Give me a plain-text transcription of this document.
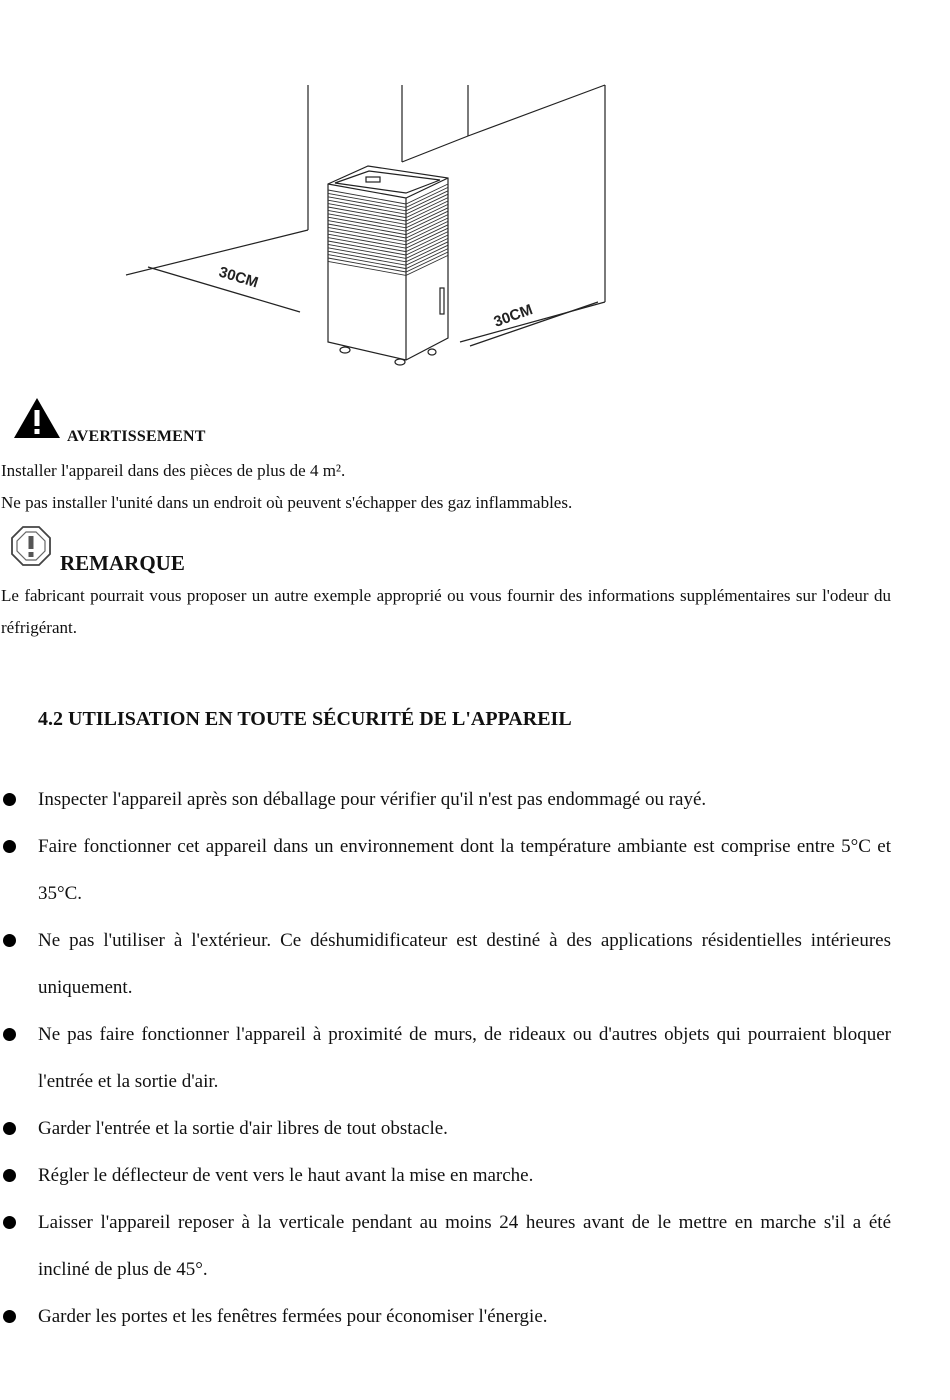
30CM
30CM
AVERTISSEMENT
Installer l'appareil dans des pièces de plus de 4 m².
Ne pas installer l'unité dans un endroit où peuvent s'échapper des gaz inflammables.
REMARQUE
Le fabricant pourrait vous proposer un autre exemple approprié ou vous fournir des informations supplémentaires sur l'odeur du réfrigérant.
4.2 UTILISATION EN TOUTE SÉCURITÉ DE L'APPAREIL
Inspecter l'appareil après son déballage pour vérifier qu'il n'est pas endommagé ou rayé.
Faire fonctionner cet appareil dans un environnement dont la température ambiante est comprise entre 5°C et 35°C.
Ne pas l'utiliser à l'extérieur. Ce déshumidificateur est destiné à des applications résidentielles intérieures uniquement.
Ne pas faire fonctionner l'appareil à proximité de murs, de rideaux ou d'autres objets qui pourraient bloquer l'entrée et la sortie d'air.
Garder l'entrée et la sortie d'air libres de tout obstacle.
Régler le déflecteur de vent vers le haut avant la mise en marche.
Laisser l'appareil reposer à la verticale pendant au moins 24 heures avant de le mettre en marche s'il a été incliné de plus de 45°.
Garder les portes et les fenêtres fermées pour économiser l'énergie.
